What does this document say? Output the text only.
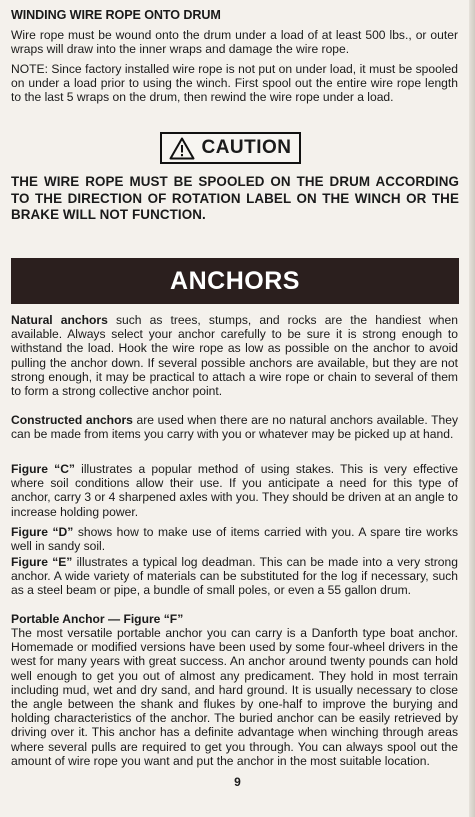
WINDING WIRE ROPE ONTO DRUM

Wire rope must be wound onto the drum under a load of at least 500 lbs., or outer wraps will draw into the inner wraps and damage the wire rope.

NOTE: Since factory installed wire rope is not put on under load, it must be spooled on under a load prior to using the winch. First spool out the entire wire rope length to the last 5 wraps on the drum, then rewind the wire rope under a load.

CAUTION

THE WIRE ROPE MUST BE SPOOLED ON THE DRUM ACCORDING TO THE DIRECTION OF ROTATION LABEL ON THE WINCH OR THE BRAKE WILL NOT FUNCTION.

ANCHORS

Natural anchors such as trees, stumps, and rocks are the handiest when available. Always select your anchor carefully to be sure it is strong enough to withstand the load. Hook the wire rope as low as possible on the anchor to avoid pulling the anchor down. If several possible anchors are available, but they are not strong enough, it may be practical to attach a wire rope or chain to several of them to form a strong collective anchor point.

Constructed anchors are used when there are no natural anchors available. They can be made from items you carry with you or whatever may be picked up at hand.

Figure “C” illustrates a popular method of using stakes. This is very effective where soil conditions allow their use. If you anticipate a need for this type of anchor, carry 3 or 4 sharpened axles with you. They should be driven at an angle to increase holding power.

Figure “D” shows how to make use of items carried with you. A spare tire works well in sandy soil.

Figure “E” illustrates a typical log deadman. This can be made into a very strong anchor. A wide variety of materials can be substituted for the log if necessary, such as a steel beam or pipe, a bundle of small poles, or even a 55 gallon drum.

Portable Anchor — Figure “F”

The most versatile portable anchor you can carry is a Danforth type boat anchor. Homemade or modified versions have been used by some four-wheel drivers in the west for many years with great success. An anchor around twenty pounds can hold well enough to get you out of almost any predicament. They hold in most terrain including mud, wet and dry sand, and hard ground. It is usually necessary to close the angle between the shank and flukes by one-half to improve the burying and holding characteristics of the anchor. The buried anchor can be easily retrieved by driving over it. This anchor has a definite advantage when winching through areas where several pulls are required to get you through. You can always spool out the amount of wire rope you want and put the anchor in the most suitable location.

9
